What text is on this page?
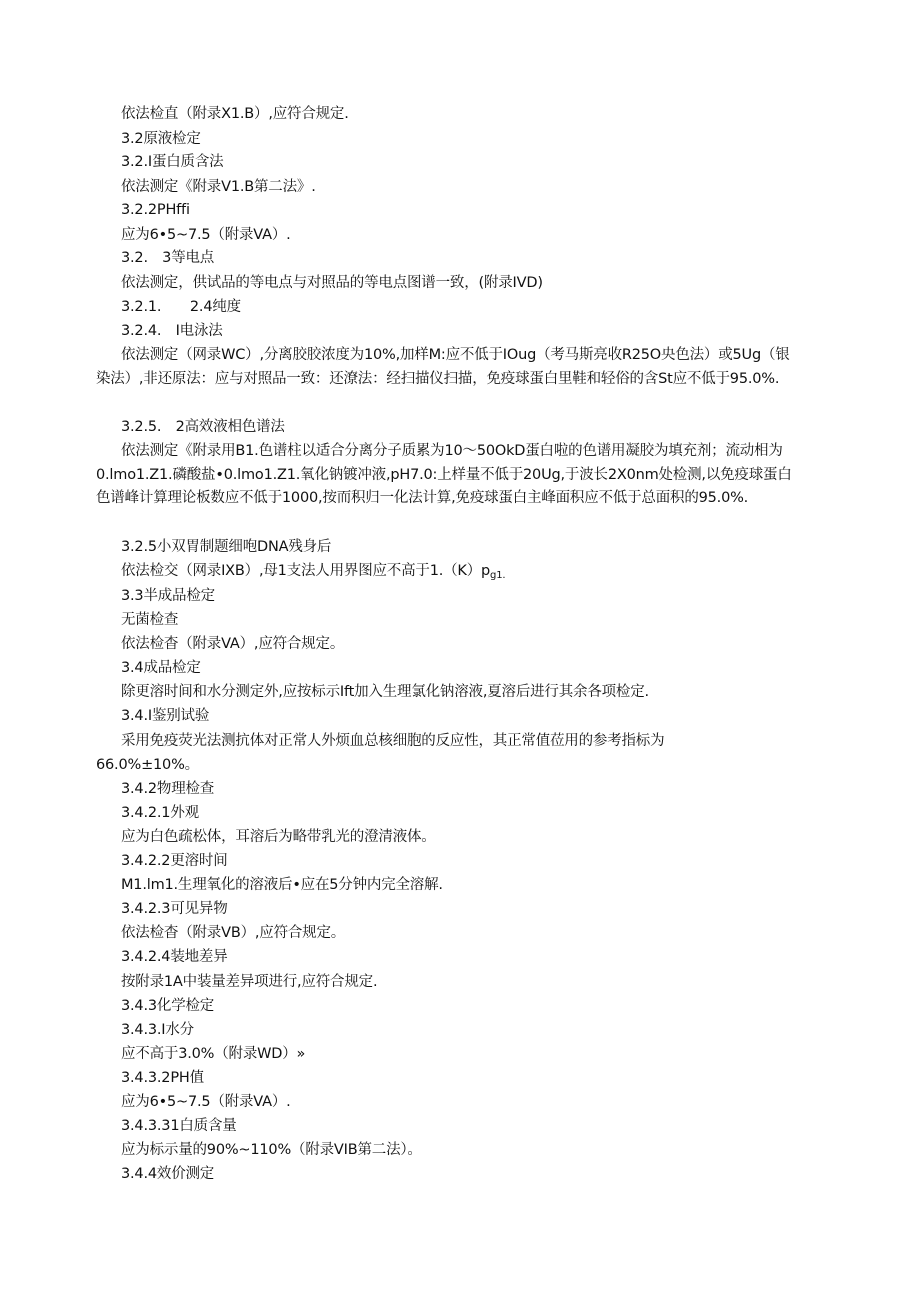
依法检直（附录X1.B）,应符合规定.
3.2原液检定
3.2.I蛋白质含法
依法测定《附录V1.B第二法》.
3.2.2PHffi
应为6•5~7.5（附录VA）.
3.2.　3等电点
依法测定，供试品的等电点与对照品的等电点图谱一致，(附录IVD)
3.2.1.　　2.4纯度
3.2.4.　I电泳法
依法测定（网录WC）,分离胶胶浓度为10%,加样M:应不低于IOug（考马斯亮收R25O央色法）或5Ug（银染法）,非还原法：应与对照品一致：还潦法：经扫描仪扫描，免疫球蛋白里鞋和轻俗的含St应不低于95.0%.
3.2.5.　2高效液相色谱法
依法测定《附录用B1.色谱柱以适合分离分子质累为10〜50OkD蛋白啦的色谱用凝胶为填充剂；流动相为0.lmo1.Z1.磷酸盐•0.lmo1.Z1.氧化钠镀冲液,pH7.0:上样量不低于20Ug,于波长2X0nm处检测,以免疫球蛋白色谱峰计算理论板数应不低于1000,按而积归一化法计算,免疫球蛋白主峰面积应不低于总面积的95.0%.
3.2.5小双胃制题细咆DNA残身后
依法检交（网录IXB）,母1支法人用界图应不高于$1.(K)p_{g1.}$
3.3半成品检定
无菌检查
依法检杳（附录VA）,应符合规定。
3.4成品检定
除更溶时间和水分测定外,应按标示Ift加入生理氯化钠溶液,夏溶后进行其余各项检定.
3.4.I鉴别试验
采用免疫荧光法测抗体对正常人外烦血总核细胞的反应性，其正常值莅用的参考指标为
66.0%±10%。
3.4.2物理检查
3.4.2.1外观
应为白色疏松体，耳溶后为略带乳光的澄清液体。
3.4.2.2更溶时间
M1.lm1.生理氧化的溶液后•应在5分钟内完全溶解.
3.4.2.3可见异物
依法检杳（附录VB）,应符合规定。
3.4.2.4装地差异
按附录1A中装量差异项进行,应符合规定.
3.4.3化学检定
3.4.3.I水分
应不高于3.0%（附录WD）»
3.4.3.2PH值
应为6•5~7.5（附录VA）.
3.4.3.31白质含量
应为标示量的90%~110%（附录VIB第二法）。
3.4.4效价测定
